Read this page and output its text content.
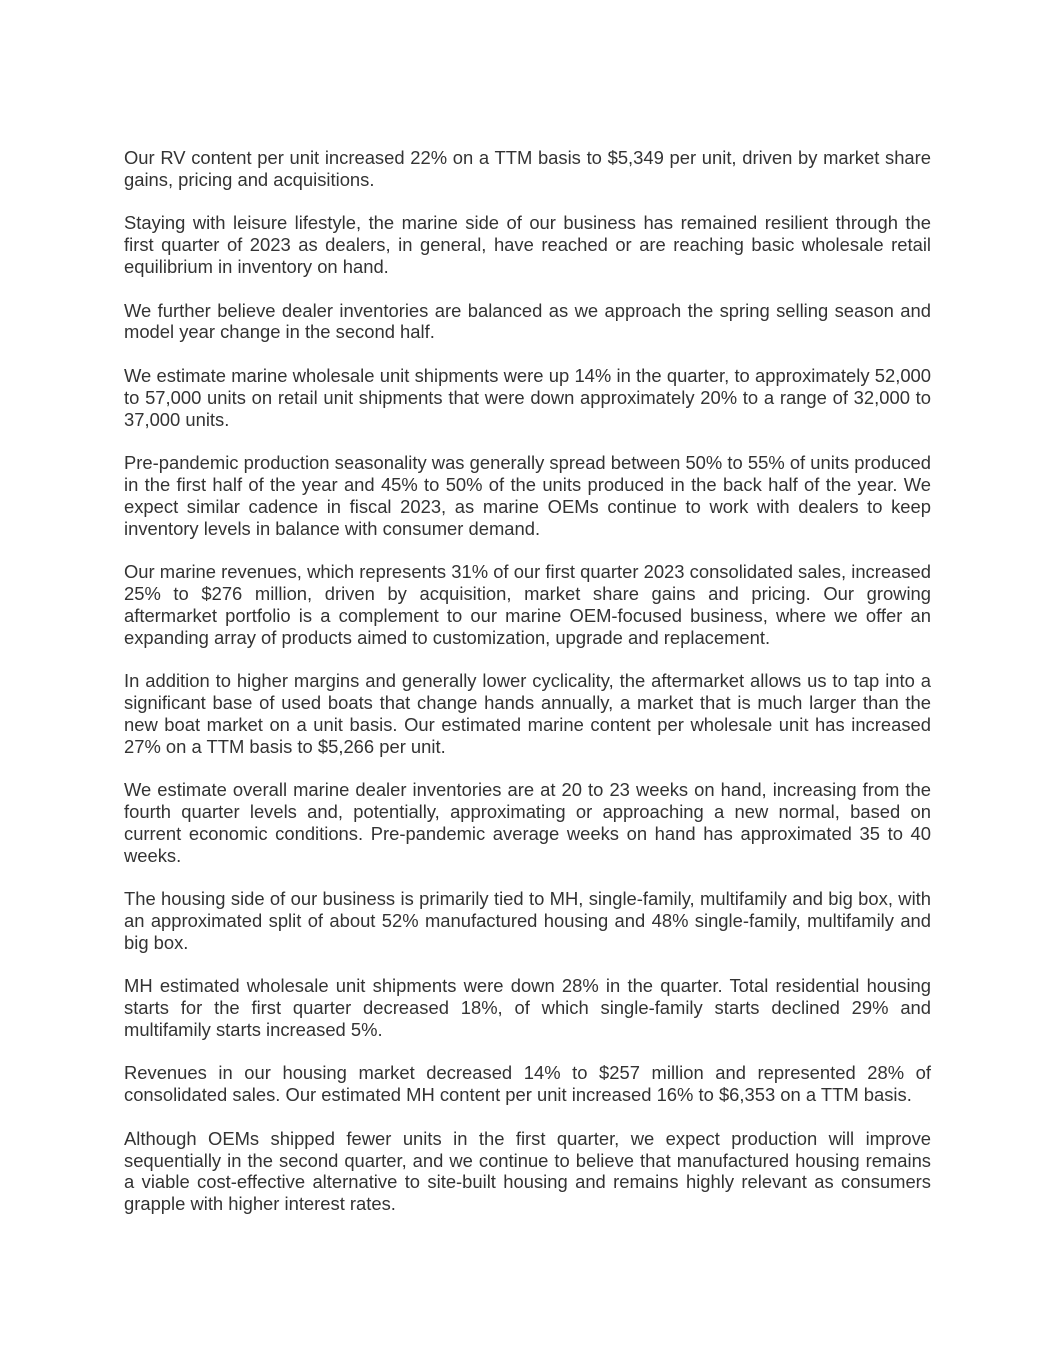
Our RV content per unit increased 22% on a TTM basis to $5,349 per unit, driven by market share gains, pricing and acquisitions.

Staying with leisure lifestyle, the marine side of our business has remained resilient through the first quarter of 2023 as dealers, in general, have reached or are reaching basic wholesale retail equilibrium in inventory on hand.

We further believe dealer inventories are balanced as we approach the spring selling season and model year change in the second half.

We estimate marine wholesale unit shipments were up 14% in the quarter, to approximately 52,000 to 57,000 units on retail unit shipments that were down approximately 20% to a range of 32,000 to 37,000 units.

Pre-pandemic production seasonality was generally spread between 50% to 55% of units produced in the first half of the year and 45% to 50% of the units produced in the back half of the year. We expect similar cadence in fiscal 2023, as marine OEMs continue to work with dealers to keep inventory levels in balance with consumer demand.

Our marine revenues, which represents 31% of our first quarter 2023 consolidated sales, increased 25% to $276 million, driven by acquisition, market share gains and pricing. Our growing aftermarket portfolio is a complement to our marine OEM-focused business, where we offer an expanding array of products aimed to customization, upgrade and replacement.

In addition to higher margins and generally lower cyclicality, the aftermarket allows us to tap into a significant base of used boats that change hands annually, a market that is much larger than the new boat market on a unit basis. Our estimated marine content per wholesale unit has increased 27% on a TTM basis to $5,266 per unit.

We estimate overall marine dealer inventories are at 20 to 23 weeks on hand, increasing from the fourth quarter levels and, potentially, approximating or approaching a new normal, based on current economic conditions. Pre-pandemic average weeks on hand has approximated 35 to 40 weeks.

The housing side of our business is primarily tied to MH, single-family, multifamily and big box, with an approximated split of about 52% manufactured housing and 48% single-family, multifamily and big box.

MH estimated wholesale unit shipments were down 28% in the quarter. Total residential housing starts for the first quarter decreased 18%, of which single-family starts declined 29% and multifamily starts increased 5%.

Revenues in our housing market decreased 14% to $257 million and represented 28% of consolidated sales. Our estimated MH content per unit increased 16% to $6,353 on a TTM basis.

Although OEMs shipped fewer units in the first quarter, we expect production will improve sequentially in the second quarter, and we continue to believe that manufactured housing remains a viable cost-effective alternative to site-built housing and remains highly relevant as consumers grapple with higher interest rates.
